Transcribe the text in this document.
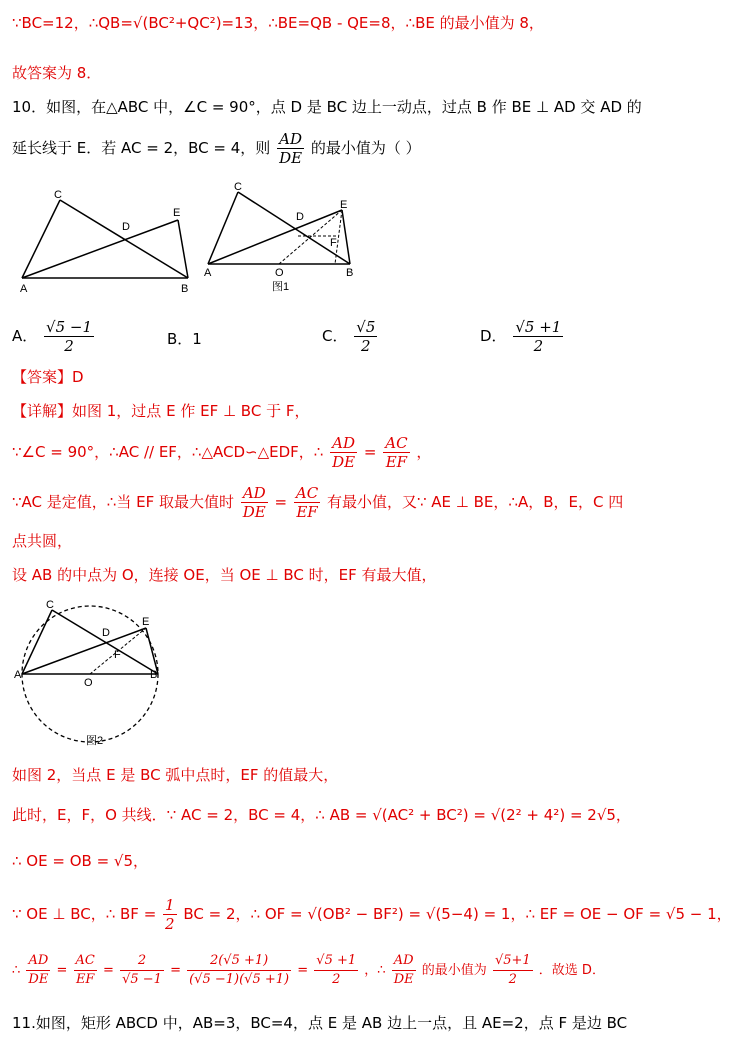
∵BC=12，∴QB=√(BC²+QC²)=13，∴BE=QB - QE=8，∴BE 的最小值为 8，
故答案为 8．
10．如图，在△ABC 中，∠C = 90°，点 D 是 BC 边上一动点，过点 B 作 BE ⊥ AD 交 AD 的
延长线于 E．若 AC = 2，BC = 4，则 $\frac{AD}{DE}$ 的最小值为（ ）
C
D
E
A	B
C
D
E
F
A	O	B
图1
A． $\frac{√5 -1}{2}$	B．1	C． $\frac{√5}{2}$	D． $\frac{√5 +1}{2}$
【答案】D
【详解】如图 1，过点 E 作 EF ⊥ BC 于 F，
∵∠C = 90°，∴AC // EF，∴△ACD∽△EDF，∴ $\frac{AD}{DE} = \frac{AC}{EF}$ ，
∵AC 是定值，∴当 EF 取最大值时 $\frac{AD}{DE} = \frac{AC}{EF}$ 有最小值，又∵ AE ⊥ BE，∴A，B，E，C 四
点共圆，
设 AB 的中点为 O，连接 OE，当 OE ⊥ BC 时，EF 有最大值，
C
D
E
F
A
O
B
图2
如图 2，当点 E 是 BC 弧中点时，EF 的值最大，
此时，E，F，O 共线．∵ AC = 2，BC = 4，∴ AB = √(AC² + BC²) = √(2² + 4²) = 2√5，
∴ OE = OB = √5，
∵ OE ⊥ BC，∴ BF = $\frac{1}{2}$ BC = 2，∴ OF = √(OB² − BF²) = √(5−4) = 1，∴ EF = OE − OF = √5 − 1，
∴ $\frac{AD}{DE} = \frac{AC}{EF} = \frac{2}{√5 -1} = \frac{2(√5 +1)}{(√5 -1)(√5 +1)} = \frac{√5 +1}{2}$ ，∴ $\frac{AD}{DE}$ 的最小值为 $\frac{√5+1}{2}$ ．故选 D．
11.如图，矩形 ABCD 中，AB=3，BC=4，点 E 是 AB 边上一点，且 AE=2，点 F 是边 BC
